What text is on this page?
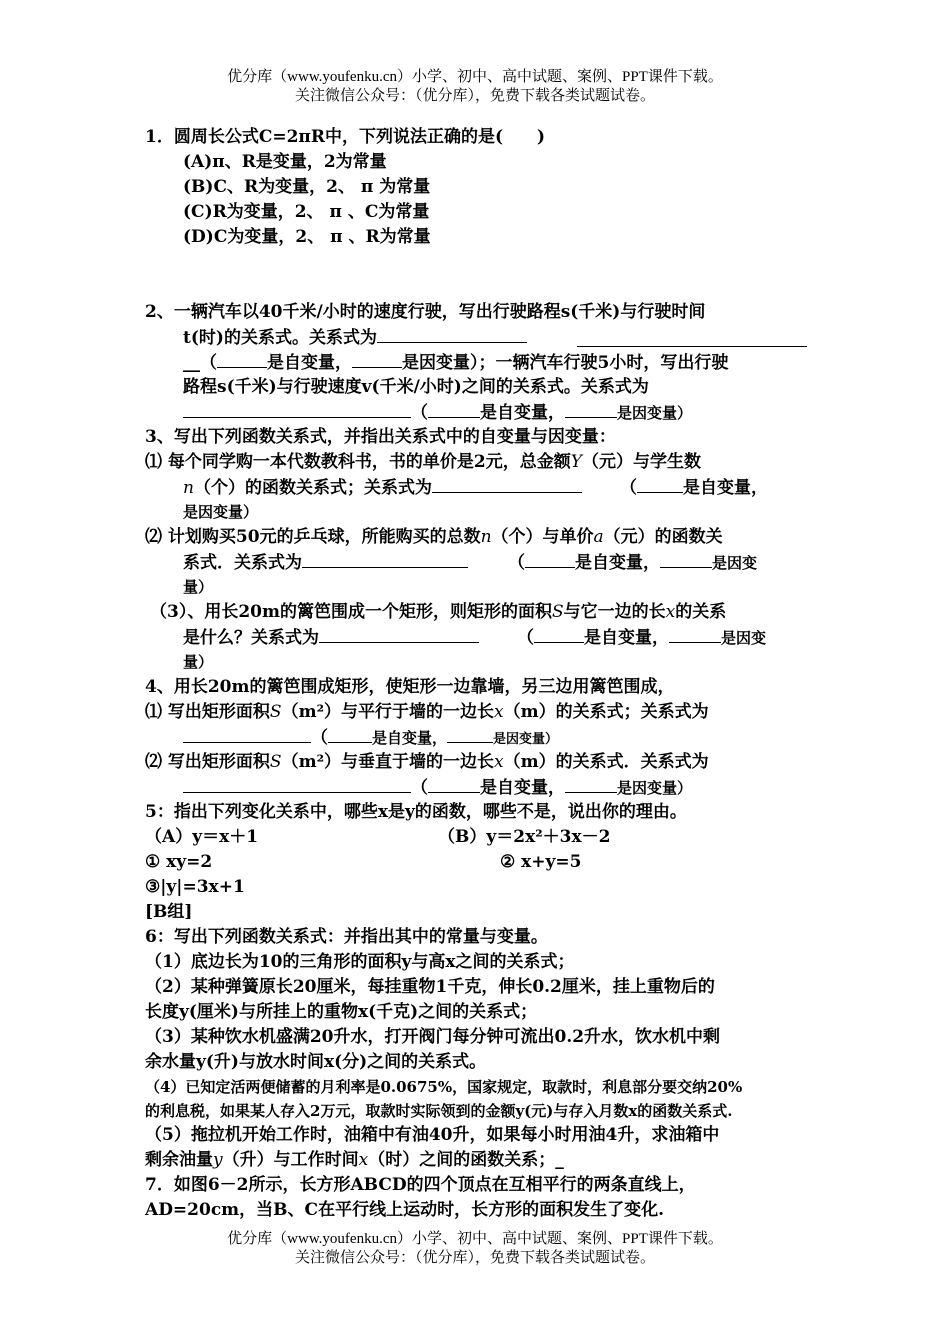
优分库（www.youfenku.cn）小学、初中、高中试题、案例、PPT课件下载。
关注微信公众号：（优分库），免费下载各类试题试卷。
1．圆周长公式C=2πR中，下列说法正确的是(　　)
(A)π、R是变量，2为常量
(B)C、R为变量，2、 π 为常量
(C)R为变量，2、 π 、C为常量
(D)C为变量，2、 π 、R为常量
2、一辆汽车以40千米/小时的速度行驶，写出行驶路程s(千米)与行驶时间
t(时)的关系式。关系式为
__（	是自变量，	是因变量）；一辆汽车行驶5小时，写出行驶
路程s(千米)与行驶速度v(千米/小时)之间的关系式。关系式为
（	是自变量，	是因变量）
3、写出下列函数关系式，并指出关系式中的自变量与因变量：
⑴ 每个同学购一本代数教科书，书的单价是2元，总金额Y（元）与学生数
n（个）的函数关系式；关系式为	（	是自变量，
是因变量）
⑵ 计划购买50元的乒乓球，所能购买的总数n（个）与单价a（元）的函数关
系式．关系式为	（	是自变量，	是因变
量）
（3）、用长20m的篱笆围成一个矩形，则矩形的面积S与它一边的长x的关系
是什么？关系式为	（	是自变量，	是因变
量）
4、用长20m的篱笆围成矩形，使矩形一边靠墙，另三边用篱笆围成，
⑴ 写出矩形面积S（m²）与平行于墙的一边长x（m）的关系式；关系式为
（	是自变量，	是因变量）
⑵ 写出矩形面积S（m²）与垂直于墙的一边长x（m）的关系式．关系式为
（	是自变量，	是因变量）
5：指出下列变化关系中，哪些x是y的函数，哪些不是，说出你的理由。
（A）y＝x＋1	（B）y＝2x²＋3x－2
① xy=2	② x+y=5
③|y|=3x+1
[B组]
6：写出下列函数关系式：并指出其中的常量与变量。
（1）底边长为10的三角形的面积y与高x之间的关系式；
（2）某种弹簧原长20厘米，每挂重物1千克，伸长0.2厘米，挂上重物后的
长度y(厘米)与所挂上的重物x(千克)之间的关系式；
（3）某种饮水机盛满20升水，打开阀门每分钟可流出0.2升水，饮水机中剩
余水量y(升)与放水时间x(分)之间的关系式。
（4）已知定活两便储蓄的月利率是0.0675%，国家规定，取款时，利息部分要交纳20%
的利息税，如果某人存入2万元，取款时实际领到的金额y(元)与存入月数x的函数关系式.
（5）拖拉机开始工作时，油箱中有油40升，如果每小时用油4升，求油箱中
剩余油量y（升）与工作时间x（时）之间的函数关系；_
7．如图6－2所示，长方形ABCD的四个顶点在互相平行的两条直线上，
AD=20cm，当B、C在平行线上运动时，长方形的面积发生了变化.
优分库（www.youfenku.cn）小学、初中、高中试题、案例、PPT课件下载。
关注微信公众号：（优分库），免费下载各类试题试卷。
